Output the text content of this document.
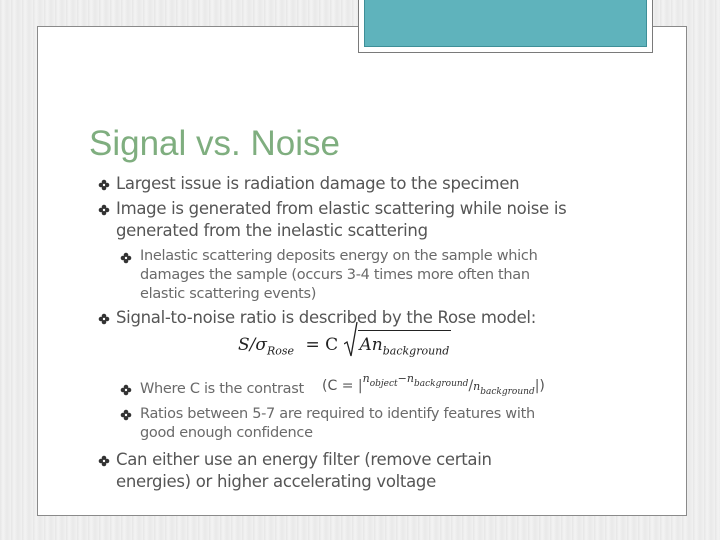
Signal vs. Noise
Largest issue is radiation damage to the specimen
Image is generated from elastic scattering while noise is
generated from the inelastic scattering
Inelastic scattering deposits energy on the sample which
damages the sample (occurs 3-4 times more often than
elastic scattering events)
Signal-to-noise ratio is described by the Rose model:
$S/\sigma_{Rose} = C$ $An_{background}$
Where C is the contrast $(C = |n_{object}-n_{background}/n_{background}|)$
Ratios between 5-7 are required to identify features with
good enough confidence
Can either use an energy filter (remove certain
energies) or higher accelerating voltage
